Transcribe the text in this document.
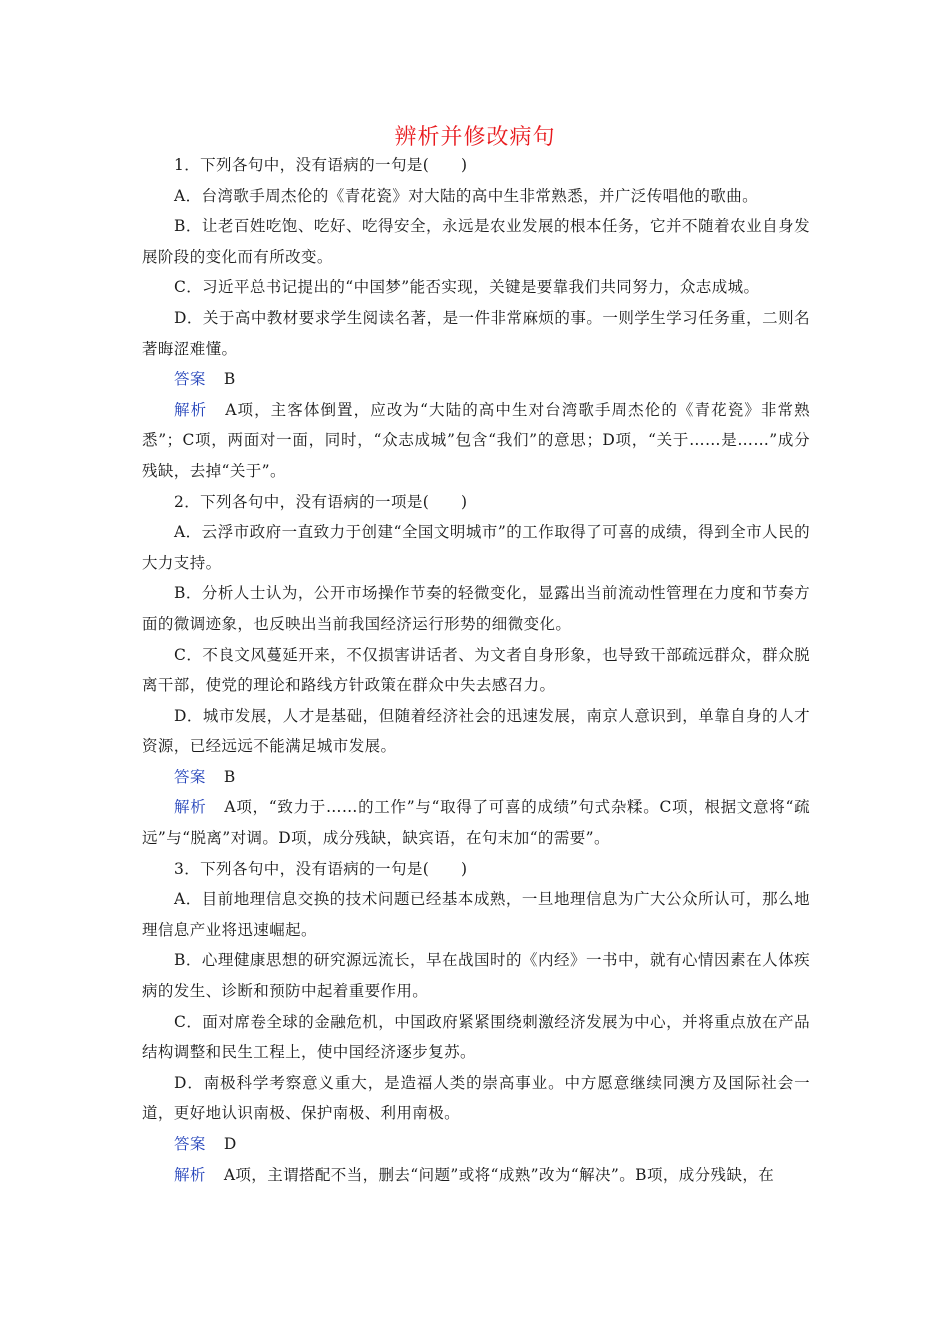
辨析并修改病句

1．下列各句中，没有语病的一句是(　　)

A．台湾歌手周杰伦的《青花瓷》对大陆的高中生非常熟悉，并广泛传唱他的歌曲。

B．让老百姓吃饱、吃好、吃得安全，永远是农业发展的根本任务，它并不随着农业自身发展阶段的变化而有所改变。

C．习近平总书记提出的“中国梦”能否实现，关键是要靠我们共同努力，众志成城。

D．关于高中教材要求学生阅读名著，是一件非常麻烦的事。一则学生学习任务重，二则名著晦涩难懂。

答案 B

解析 A项，主客体倒置，应改为“大陆的高中生对台湾歌手周杰伦的《青花瓷》非常熟悉”；C项，两面对一面，同时，“众志成城”包含“我们”的意思；D项，“关于……是……”成分残缺，去掉“关于”。

2．下列各句中，没有语病的一项是(　　)

A．云浮市政府一直致力于创建“全国文明城市”的工作取得了可喜的成绩，得到全市人民的大力支持。

B．分析人士认为，公开市场操作节奏的轻微变化，显露出当前流动性管理在力度和节奏方面的微调迹象，也反映出当前我国经济运行形势的细微变化。

C．不良文风蔓延开来，不仅损害讲话者、为文者自身形象，也导致干部疏远群众，群众脱离干部，使党的理论和路线方针政策在群众中失去感召力。

D．城市发展，人才是基础，但随着经济社会的迅速发展，南京人意识到，单靠自身的人才资源，已经远远不能满足城市发展。

答案 B

解析 A项，“致力于……的工作”与“取得了可喜的成绩”句式杂糅。C项，根据文意将“疏远”与“脱离”对调。D项，成分残缺，缺宾语，在句末加“的需要”。

3．下列各句中，没有语病的一句是(　　)

A．目前地理信息交换的技术问题已经基本成熟，一旦地理信息为广大公众所认可，那么地理信息产业将迅速崛起。

B．心理健康思想的研究源远流长，早在战国时的《内经》一书中，就有心情因素在人体疾病的发生、诊断和预防中起着重要作用。

C．面对席卷全球的金融危机，中国政府紧紧围绕刺激经济发展为中心，并将重点放在产品结构调整和民生工程上，使中国经济逐步复苏。

D．南极科学考察意义重大，是造福人类的崇高事业。中方愿意继续同澳方及国际社会一道，更好地认识南极、保护南极、利用南极。

答案 D

解析 A项，主谓搭配不当，删去“问题”或将“成熟”改为“解决”。B项，成分残缺，在
